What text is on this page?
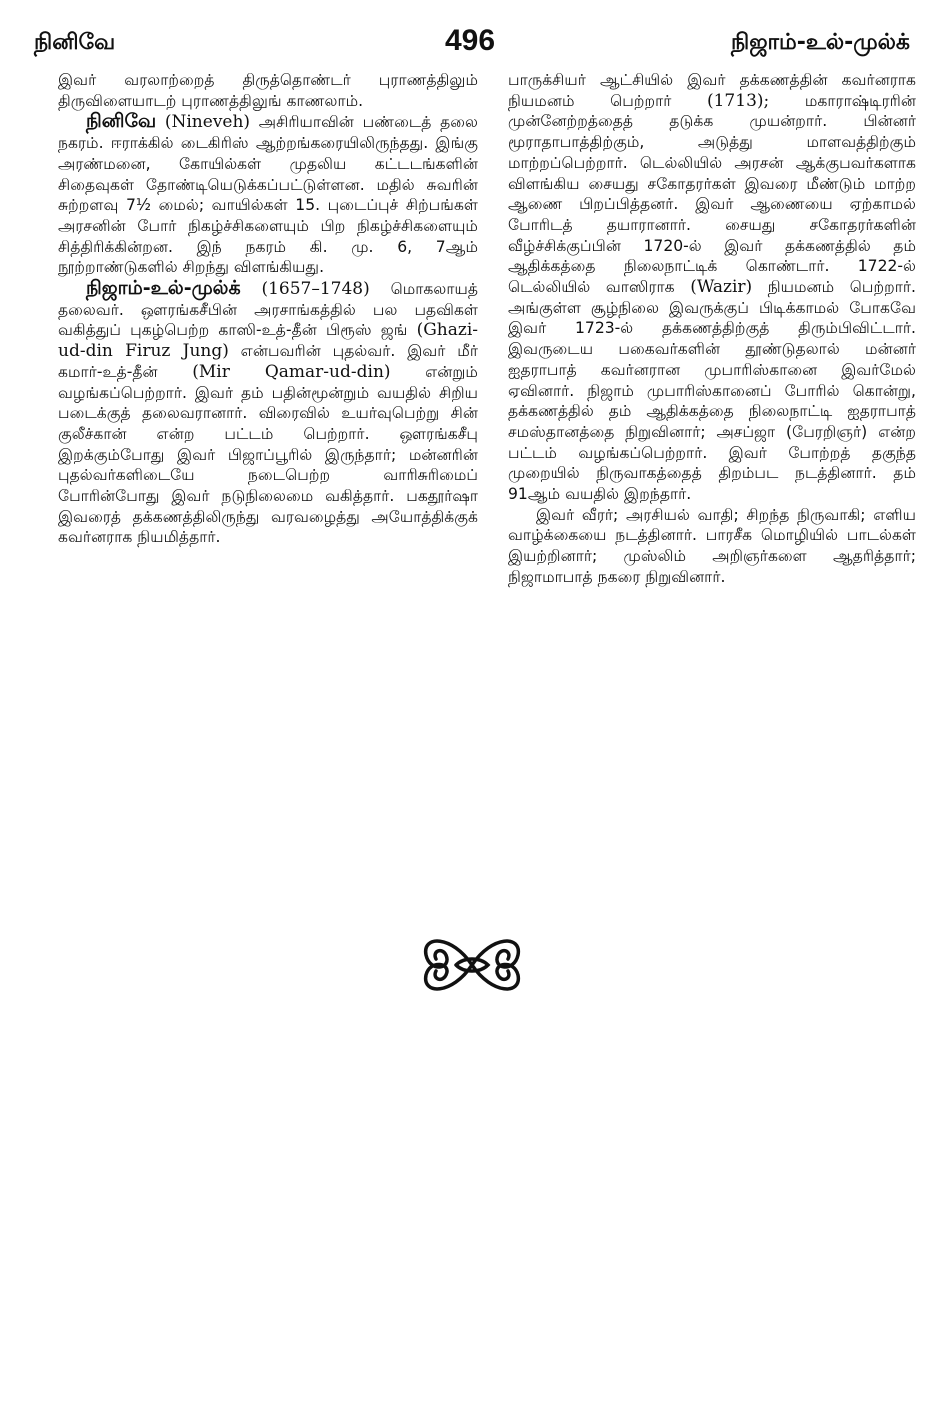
நினிவே	496	நிஜாம்-உல்-முல்க்

இவர் வரலாற்றைத் திருத்தொண்டர் புராணத்திலும் திருவிளையாடற் புராணத்திலுங் காணலாம்.

நினிவே (Nineveh) அசிரியாவின் பண்டைத் தலை நகரம். ஈராக்கில் டைகிரிஸ் ஆற்றங்கரையிலிருந்தது. இங்கு அரண்மனை, கோயில்கள் முதலிய கட்டடங்களின் சிதைவுகள் தோண்டியெடுக்கப்பட்டுள்ளன. மதில் சுவரின் சுற்றளவு 7½ மைல்; வாயில்கள் 15. புடைப்புச் சிற்பங்கள் அரசனின் போர் நிகழ்ச்சிகளையும் பிற நிகழ்ச்சிகளையும் சித்திரிக்கின்றன. இந் நகரம் கி. மு. 6, 7ஆம் நூற்றாண்டுகளில் சிறந்து விளங்கியது.

நிஜாம்-உல்-முல்க் (1657–1748) மொகலாயத் தலைவர். ஔரங்கசீபின் அரசாங்கத்தில் பல பதவிகள் வகித்துப் புகழ்பெற்ற காஸி-உத்-தீன் பிரூஸ் ஜங் (Ghazi-ud-din Firuz Jung) என்பவரின் புதல்வர். இவர் மீர் கமார்-உத்-தீன் (Mir Qamar-ud-din) என்றும் வழங்கப்பெற்றார். இவர் தம் பதின்மூன்றும் வயதில் சிறிய படைக்குத் தலைவரானார். விரைவில் உயர்வுபெற்று சின் குலீச்கான் என்ற பட்டம் பெற்றார். ஔரங்கசீபு இறக்கும்போது இவர் பிஜாப்பூரில் இருந்தார்; மன்னரின் புதல்வர்களிடையே நடைபெற்ற வாரிசுரிமைப் போரின்போது இவர் நடுநிலைமை வகித்தார். பகதூர்ஷா இவரைத் தக்கணத்திலிருந்து வரவழைத்து அயோத்திக்குக் கவர்னராக நியமித்தார்.

பாருக்சியர் ஆட்சியில் இவர் தக்கணத்தின் கவர்னராக நியமனம் பெற்றார் (1713); மகாராஷ்டிரரின் முன்னேற்றத்தைத் தடுக்க முயன்றார். பின்னர் மூராதாபாத்திற்கும், அடுத்து மாளவத்திற்கும் மாற்றப்பெற்றார். டெல்லியில் அரசன் ஆக்குபவர்களாக விளங்கிய சையது சகோதரர்கள் இவரை மீண்டும் மாற்ற ஆணை பிறப்பித்தனர். இவர் ஆணையை ஏற்காமல் போரிடத் தயாரானார். சையது சகோதரர்களின் வீழ்ச்சிக்குப்பின் 1720-ல் இவர் தக்கணத்தில் தம் ஆதிக்கத்தை நிலைநாட்டிக் கொண்டார். 1722-ல் டெல்லியில் வாஸிராக (Wazir) நியமனம் பெற்றார். அங்குள்ள சூழ்நிலை இவருக்குப் பிடிக்காமல் போகவே இவர் 1723-ல் தக்கணத்திற்குத் திரும்பிவிட்டார். இவருடைய பகைவர்களின் தூண்டுதலால் மன்னர் ஐதராபாத் கவர்னரான முபாரிஸ்கானை இவர்மேல் ஏவினார். நிஜாம் முபாரிஸ்கானைப் போரில் கொன்று, தக்கணத்தில் தம் ஆதிக்கத்தை நிலைநாட்டி ஐதராபாத் சமஸ்தானத்தை நிறுவினார்; அசப்ஜா (பேரறிஞர்) என்ற பட்டம் வழங்கப்பெற்றார். இவர் போற்றத் தகுந்த முறையில் நிருவாகத்தைத் திறம்பட நடத்தினார். தம் 91ஆம் வயதில் இறந்தார்.

இவர் வீரர்; அரசியல் வாதி; சிறந்த நிருவாகி; எளிய வாழ்க்கையை நடத்தினார். பாரசீக மொழியில் பாடல்கள் இயற்றினார்; முஸ்லிம் அறிஞர்களை ஆதரித்தார்; நிஜாமாபாத் நகரை நிறுவினார்.
